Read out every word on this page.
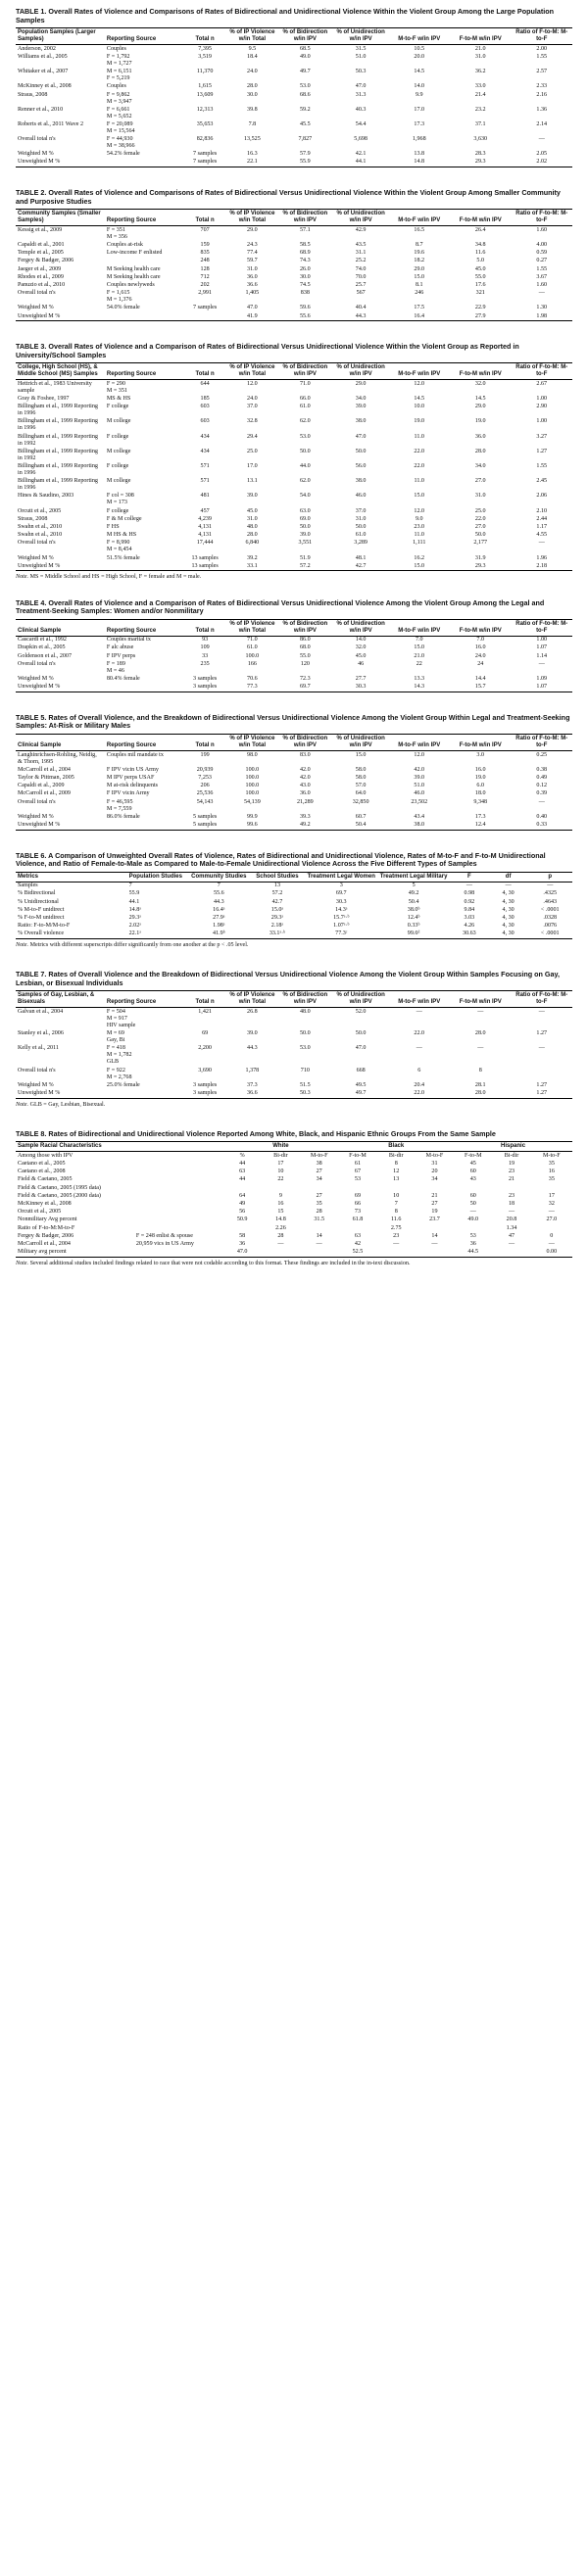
TABLE 1. Overall Rates of Violence and Comparisons of Rates of Bidirectional and Unidirectional Violence Within the Violent Group Among the Large Population Samples
Population Samples (Larger Samples)	Reporting Source	Total n	% of IP Violence w/in Total	% of Bidirection w/in IPV	% of Unidirection w/in IPV	M-to-F w/in IPV	F-to-M w/in IPV	Ratio of F-to-M: M-to-F
Anderson, 2002	Couples	7,395	9.5	68.5	31.5	10.5	21.0	2.00
Williams et al., 2005	F = 1,792
M = 1,727	3,519	18.4	49.0	51.0	20.0	31.0	1.55
Whitaker et al., 2007	M = 6,151
F = 5,219	11,370	24.0	49.7	50.3	14.5	36.2	2.57
McKinney et al., 2008	Couples	1,615	28.0	53.0	47.0	14.0	33.0	2.33
Straus, 2008	F = 9,862
M = 3,947	13,609	30.0	68.6	31.3	9.9	21.4	2.16
Renner et al., 2010	F = 6,661
M = 5,652	12,313	39.8	59.2	40.3	17.0	23.2	1.36
Roberts et al., 2011 Wave 2	F = 20,089
M = 15,564	35,653	7.8	45.5	54.4	17.3	37.1	2.14
Overall total n's	F = 44,930
M = 38,966	82,836	13,525	7,827	5,698	1,968	3,630	—
Weighted M %	54.2% female	7 samples	16.3	57.9	42.1	13.8	28.3	2.05
Unweighted M %		7 samples	22.1	55.9	44.1	14.8	29.3	2.02
TABLE 2. Overall Rates of Violence and Comparisons of Rates of Bidirectional Versus Unidirectional Violence Within the Violent Group Among Smaller Community and Purposive Studies
Community Samples (Smaller Samples)	Reporting Source	Total n	% of IP Violence w/in Total	% of Bidirection w/in IPV	% of Unidirection w/in IPV	M-to-F w/in IPV	F-to-M w/in IPV	Ratio of F-to-M: M-to-F
Kessig et al., 2009	F = 351
M = 356	707	29.0	57.1	42.9	16.5	26.4	1.60
Capaldi et al., 2001	Couples at-risk	159	24.3	58.5	43.5	8.7	34.8	4.00
Temple et al., 2005	Low-income F enlisted	835	77.4	68.9	31.1	19.6	11.6	0.59
Fergey & Badger, 2006		248	59.7	74.3	25.2	18.2	5.0	0.27
Jaeger et al., 2009	M Seeking health care	128	31.0	26.0	74.0	29.0	45.0	1.55
Rhodes et al., 2009	M Seeking health care	712	36.0	30.0	70.0	15.0	55.0	3.67
Panuzio et al., 2010	Couples newlyweds	202	36.6	74.5	25.7	8.1	17.6	1.60
Overall total n's	F = 1,615
M = 1,376	2,991	1,405	838	567	246	321	—
Weighted M %	54.0% female	7 samples	47.0	59.6	40.4	17.5	22.9	1.30
Unweighted M %			41.9	55.6	44.3	16.4	27.9	1.98
TABLE 3. Overall Rates of Violence and a Comparison of Rates of Bidirectional Versus Unidirectional Violence Within the Violent Group as Reported in University/School Samples
College, High School (HS), & Middle School (MS) Samples	Reporting Source	Total n	% of IP Violence w/in Total	% of Bidirection w/in IPV	% of Unidirection w/in IPV	M-to-F w/in IPV	F-to-M w/in IPV	Ratio of F-to-M: M-to-F
Hettrich et al., 1983 University sample	F = 290
M = 351	644	12.0	71.0	29.0	12.0	32.0	2.67
Gray & Foshee, 1997	MS & HS	185	24.0	66.0	34.0	14.5	14.5	1.00
Billingham et al., 1999 Reporting in 1996	F college	603	37.0	61.0	39.0	10.0	29.0	2.90
Billingham et al., 1999 Reporting in 1996	M college	603	32.8	62.0	38.0	19.0	19.0	1.00
Billingham et al., 1999 Reporting in 1992	F college	434	29.4	53.0	47.0	11.0	36.0	3.27
Billingham et al., 1999 Reporting in 1992	M college	434	25.0	50.0	50.0	22.0	28.0	1.27
Billingham et al., 1999 Reporting in 1996	F college	571	17.0	44.0	56.0	22.0	34.0	1.55
Billingham et al., 1999 Reporting in 1996	M college	571	13.1	62.0	38.0	11.0	27.0	2.45
Hines & Saudino, 2003	F col = 308
M = 173	481	39.0	54.0	46.0	15.0	31.0	2.06
Orcutt et al., 2005	F college	457	45.0	63.0	37.0	12.0	25.0	2.10
Straus, 2008	F & M college	4,239	31.0	69.0	31.0	9.0	22.0	2.44
Swahn et al., 2010	F HS	4,131	48.0	50.0	50.0	23.0	27.0	1.17
Swahn et al., 2010	M HS & HS	4,131	28.0	39.0	61.0	11.0	50.0	4.55
Overall total n's	F = 8,990
M = 8,454	17,444	6,840	3,551	3,289	1,111	2,177	—
Weighted M %	51.5% female	13 samples	39.2	51.9	48.1	16.2	31.9	1.96
Unweighted M %		13 samples	33.1	57.2	42.7	15.0	29.3	2.18
Note. MS = Middle School and HS = High School, F = female and M = male.
TABLE 4. Overall Rates of Violence and a Comparison of Rates of Bidirectional Versus Unidirectional Violence Among the Violent Group Among the Legal and Treatment-Seeking Samples: Women and/or Nonmilitary
Clinical Sample	Reporting Source	Total n	% of IP Violence w/in Total	% of Bidirection w/in IPV	% of Unidirection w/in IPV	M-to-F w/in IPV	F-to-M w/in IPV	Ratio of F-to-M: M-to-F
Cascardi et al., 1992	Couples marital tx	93	71.0	86.0	14.0	7.0	7.0	1.00
Drapkin et al., 2005	F alc abuse	109	61.0	68.0	32.0	15.0	16.0	1.07
Goldenson et al., 2007	F IPV perps	33	100.0	55.0	45.0	21.0	24.0	1.14
Overall total n's	F = 189
M = 46	235	166	120	46	22	24	—
Weighted M %	80.4% female	3 samples	70.6	72.3	27.7	13.3	14.4	1.09
Unweighted M %		3 samples	77.3	69.7	30.3	14.3	15.7	1.07
TABLE 5. Rates of Overall Violence, and the Breakdown of Bidirectional Versus Unidirectional Violence Among the Violent Group Within Legal and Treatment-Seeking Samples: At-Risk or Military Males
Clinical Sample	Reporting Source	Total n	% of IP Violence w/in Total	% of Bidirection w/in IPV	% of Unidirection w/in IPV	M-to-F w/in IPV	F-to-M w/in IPV	Ratio of F-to-M: M-to-F
Langhinrichsen-Rohling, Neidig, & Thorn, 1995	Couples mil mandate tx	199	98.0	83.0	15.0	12.0	3.0	0.25
McCarroll et al., 2004	F IPV vicin US Army	20,939	100.0	42.0	58.0	42.0	16.0	0.38
Taylor & Pittman, 2005	M IPV perps USAF	7,253	100.0	42.0	58.0	39.0	19.0	0.49
Capaldi et al., 2009	M at-risk delinquents	206	100.0	43.0	57.0	51.0	6.0	0.12
McCarroll et al., 2009	F IPV vicin Army	25,536	100.0	36.0	64.0	46.0	18.0	0.39
Overall total n's	F = 46,595
M = 7,559	54,143	54,139	21,289	32,850	23,502	9,348	—
Weighted M %	86.0% female	5 samples	99.9	39.3	60.7	43.4	17.3	0.40
Unweighted M %		5 samples	99.6	49.2	50.4	38.0	12.4	0.33
TABLE 6. A Comparison of Unweighted Overall Rates of Violence, Rates of Bidirectional and Unidirectional Violence, Rates of M-to-F and F-to-M Unidirectional Violence, and Ratio of Female-to-Male as Compared to Male-to-Female Unidirectional Violence Across the Five Different Types of Samples
Metrics	Population Studies	Community Studies	School Studies	Treatment Legal Women	Treatment Legal Military	F	df	p
Samples	7	7	13	3	5	—	—	—
% Bidirectional	55.9	55.6	57.2	69.7	49.2	0.98	4, 30	.4325
% Unidirectional	44.1	44.3	42.7	30.3	50.4	0.92	4, 30	.4643
% M-to-F unidirect	14.8ᵃ	16.4ᵃ	15.0ᵃ	14.3ᵃ	38.0ᵇ	9.84	4, 30	< .0001
% F-to-M unidirect	29.3ᵃ	27.9ᵃ	29.3ᵃ	15.7ᵃ·ᵇ	12.4ᵇ	3.03	4, 30	.0328
Ratio: F-to-M/M-to-F	2.02ᵃ	1.98ᵃ	2.18ᵃ	1.07ᵃ·ᵇ	0.33ᵇ	4.26	4, 30	.0076
% Overall violence	22.1ᵃ	41.9ᵇ	33.1ᵃ·ᵇ	77.3ᶜ	99.6ᵈ	30.63	4, 30	< .0001
Note. Metrics with different superscripts differ significantly from one another at the p < .05 level.
TABLE 7. Rates of Overall Violence and the Breakdown of Bidirectional Versus Unidirectional Violence Among the Violent Group Within Samples Focusing on Gay, Lesbian, or Bisexual Individuals
Samples of Gay, Lesbian, & Bisexuals	Reporting Source	Total n	% of IP Violence w/in Total	% of Bidirection w/in IPV	% of Unidirection w/in IPV	M-to-F w/in IPV	F-to-M w/in IPV	Ratio of F-to-M: M-to-F
Galvan et al., 2004	F = 504
M = 917
HIV sample	1,421	26.8	48.0	52.0	—	—	—
Stanley et al., 2006	M = 69
Gay, Bi	69	39.0	50.0	50.0	22.0	28.0	1.27
Kelly et al., 2011	F = 418
M = 1,782
GLB	2,200	44.3	53.0	47.0	—	—	—
Overall total n's	F = 922
M = 2,768	3,690	1,378	710	668	6	8	
Weighted M %	25.0% female	3 samples	37.3	51.5	49.5	20.4	28.1	1.27
Unweighted M %		3 samples	36.6	50.3	49.7	22.0	28.0	1.27
Note. GLB = Gay, Lesbian, Bisexual.
TABLE 8. Rates of Bidirectional and Unidirectional Violence Reported Among White, Black, and Hispanic Ethnic Groups From the Same Sample
Sample Racial Characteristics		White			Black			Hispanic		
Among those with IPV		%	Bi-dir	M-to-F	F-to-M	Bi-dir	M-to-F	F-to-M	Bi-dir	M-to-F
Caetano et al., 2005		44	17	38	61	8	31	45	19	35
Caetano et al., 2008		63	10	27	67	12	20	60	23	16
Field & Caetano, 2005		44	22	34	53	13	34	43	21	35
Field & Caetano, 2005 (1995 data)										
Field & Caetano, 2005 (2000 data)		64	9	27	69	10	21	60	23	17
McKinney et al., 2008		49	16	35	66	7	27	50	18	32
Orcutt et al., 2005		56	15	28	73	8	19	—	—	—
Nonmilitary Avg percent		50.9	14.8	31.5	61.8	11.6	23.7	49.0	20.8	27.0
Ratio of F-to-M:M-to-F			2.26			2.75			1.34	
Fergey & Badger, 2006	F = 248 enlist & spouse	58	28	14	63	23	14	53	47	0
McCarroll et al., 2004	20,959 vics in US Army	36	—	—	42	—	—	36	—	—
Military avg percent		47.0			52.5			44.5		0.00
Note. Several additional studies included findings related to race that were not codable according to this format. These findings are included in the in-text discussion.
